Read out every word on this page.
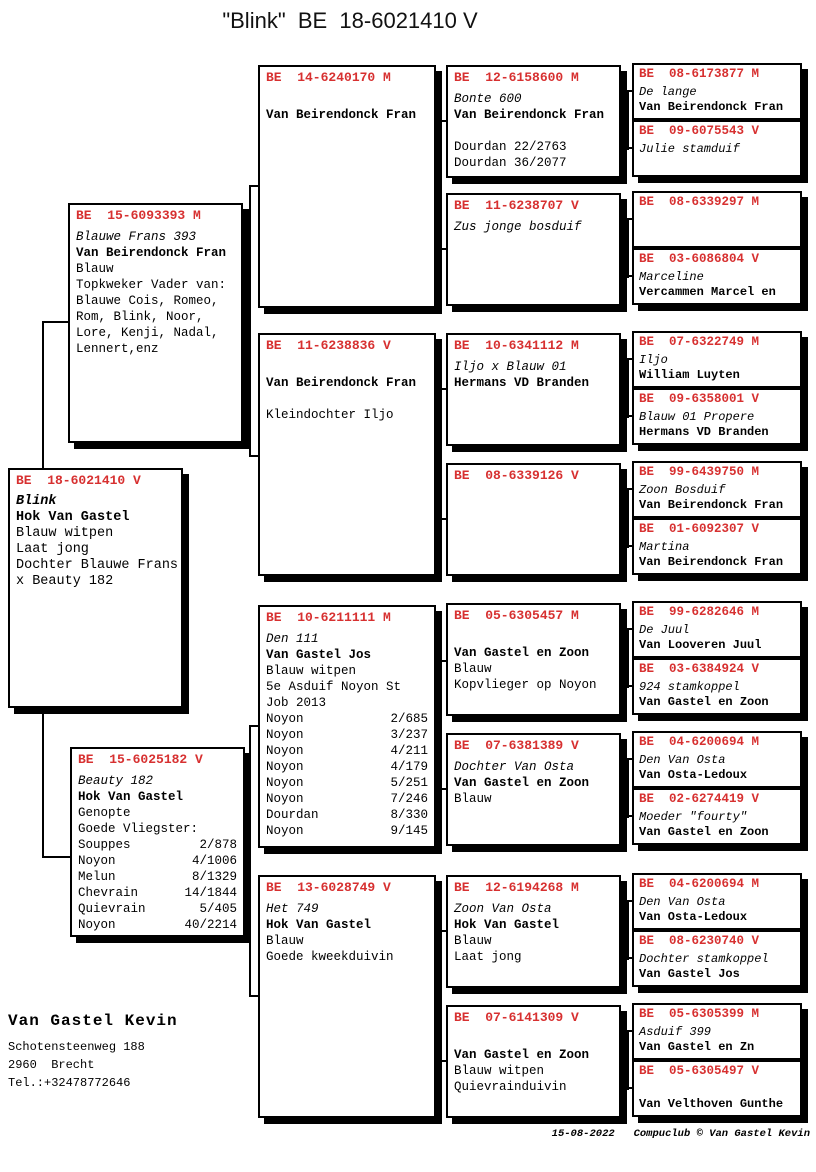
"Blink"  BE  18-6021410 V
BE  15-6093393 M
Blauwe Frans 393
Van Beirendonck Fran
Blauw
Topkweker Vader van:
Blauwe Cois, Romeo,
Rom, Blink, Noor,
Lore, Kenji, Nadal,
Lennert,enz
BE  18-6021410 V
Blink
Hok Van Gastel
Blauw witpen
Laat jong
Dochter Blauwe Frans
x Beauty 182
BE  15-6025182 V
Beauty 182
Hok Van Gastel
Genopte
Goede Vliegster:
Souppes	2/878
Noyon	4/1006
Melun	8/1329
Chevrain	14/1844
Quievrain	5/405
Noyon	40/2214
BE  14-6240170 M
Van Beirendonck Fran
BE  11-6238836 V
Van Beirendonck Fran
Kleindochter Iljo
BE  10-6211111 M
Den 111
Van Gastel Jos
Blauw witpen
5e Asduif Noyon St
Job 2013
Noyon	2/685
Noyon	3/237
Noyon	4/211
Noyon	4/179
Noyon	5/251
Noyon	7/246
Dourdan	8/330
Noyon	9/145
BE  13-6028749 V
Het 749
Hok Van Gastel
Blauw
Goede kweekduivin
BE  12-6158600 M
Bonte 600
Van Beirendonck Fran
Dourdan 22/2763
Dourdan 36/2077
BE  11-6238707 V
Zus jonge bosduif
BE  10-6341112 M
Iljo x Blauw 01
Hermans VD Branden
BE  08-6339126 V
BE  05-6305457 M
Van Gastel en Zoon
Blauw
Kopvlieger op Noyon
BE  07-6381389 V
Dochter Van Osta
Van Gastel en Zoon
Blauw
BE  12-6194268 M
Zoon Van Osta
Hok Van Gastel
Blauw
Laat jong
BE  07-6141309 V
Van Gastel en Zoon
Blauw witpen
Quievrainduivin
BE  08-6173877 M
De lange
Van Beirendonck Fran
BE  09-6075543 V
Julie stamduif
BE  08-6339297 M
BE  03-6086804 V
Marceline
Vercammen Marcel en
BE  07-6322749 M
Iljo
William Luyten
BE  09-6358001 V
Blauw 01 Propere
Hermans VD Branden
BE  99-6439750 M
Zoon Bosduif
Van Beirendonck Fran
BE  01-6092307 V
Martina
Van Beirendonck Fran
BE  99-6282646 M
De Juul
Van Looveren Juul
BE  03-6384924 V
924 stamkoppel
Van Gastel en Zoon
BE  04-6200694 M
Den Van Osta
Van Osta-Ledoux
BE  02-6274419 V
Moeder "fourty"
Van Gastel en Zoon
BE  04-6200694 M
Den Van Osta
Van Osta-Ledoux
BE  08-6230740 V
Dochter stamkoppel
Van Gastel Jos
BE  05-6305399 M
Asduif 399
Van Gastel en Zn
BE  05-6305497 V
Van Velthoven Gunthe
Van Gastel Kevin
Schotensteenweg 188
2960  Brecht
Tel.:+32478772646
15-08-2022   Compuclub © Van Gastel Kevin
